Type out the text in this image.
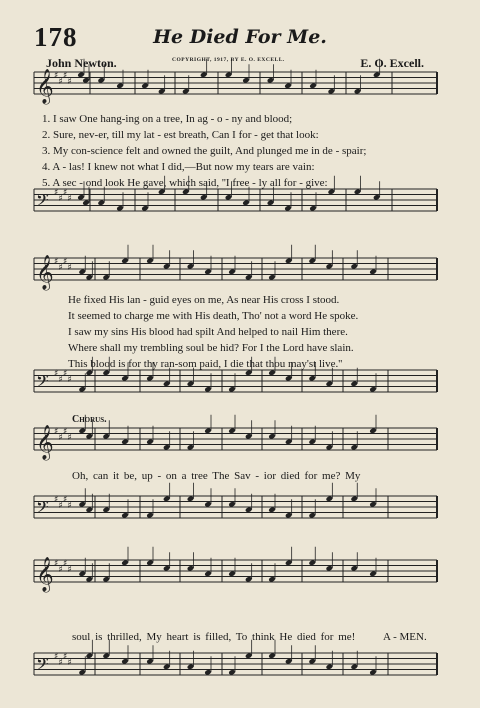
𝄞 ♯
♯
♯
♯
𝄢 ♯
♯
♯
♯
𝄞 ♯
♯
♯
♯
𝄢 ♯
♯
♯
♯
𝄞 ♯
♯
♯
♯
𝄢 ♯
♯
♯
♯
𝄞 ♯
♯
♯
♯
𝄢 ♯
♯
♯
♯
178	He Died For Me.
John Newton.	COPYRIGHT, 1917, BY E. O. EXCELL.	E. O. Excell.
1. I saw One hang-ing on a tree, In ag - o - ny and blood;
2. Sure, nev-er, till my lat - est breath, Can I for - get that look:
3. My con-science felt and owned the guilt, And plunged me in de - spair;
4. A - las! I knew not what I did,—But now my tears are vain:
5. A sec - ond look He gave, which said, ''I free - ly all for - give:
He fixed His lan - guid eyes on me, As near His cross I stood.
It seemed to charge me with His death, Tho' not a word He spoke.
I saw my sins His blood had spilt And helped to nail Him there.
Where shall my trembling soul be hid? For I the Lord have slain.
This blood is for thy ran-som paid, I die that thou may'st live.''
Chorus.
Oh, can it be, up - on a tree The Sav - ior died for me? My
soul is thrilled, My heart is filled, To think He died for me!	A - MEN.
